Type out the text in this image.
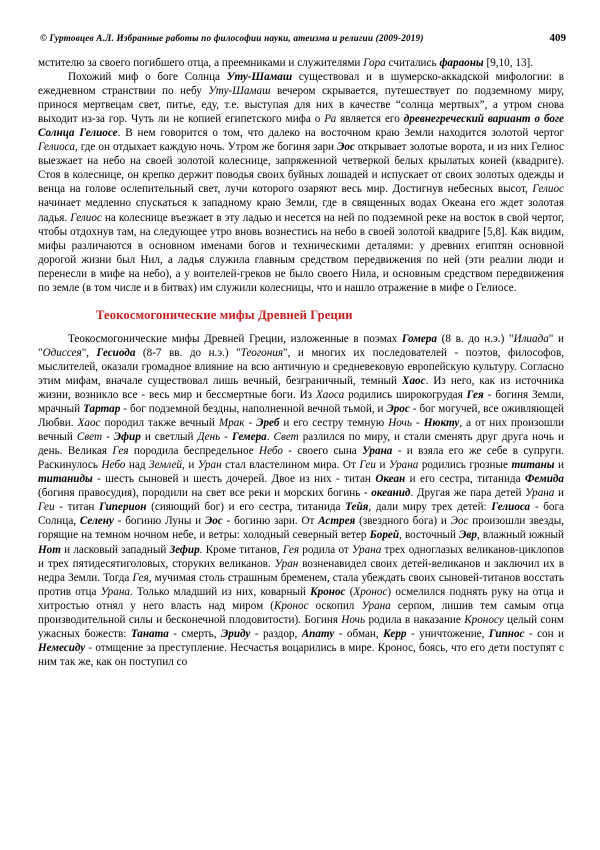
© Гуртовцев А.Л. Избранные работы по философии науки, атеизма и религии (2009-2019)	409

мстителю за своего погибшего отца, а преемниками и служителями Гора считались фараоны [9,10, 13].

Похожий миф о боге Солнца Уту-Шамаш существовал и в шумерско-аккадской мифологии: в ежедневном странствии по небу Уту-Шамаш вечером скрывается, путешествует по подземному миру, принося мертвецам свет, питье, еду, т.е. выступая для них в качестве “солнца мертвых”, а утром снова выходит из-за гор. Чуть ли не копией египетского мифа о Ра является его древнегреческий вариант о боге Солнца Гелиосе. В нем говорится о том, что далеко на восточном краю Земли находится золотой чертог Гелиоса, где он отдыхает каждую ночь. Утром же богиня зари Эос открывает золотые ворота, и из них Гелиос выезжает на небо на своей золотой колеснице, запряженной четверкой белых крылатых коней (квадриге). Стоя в колеснице, он крепко держит поводья своих буйных лошадей и испускает от своих золотых одежды и венца на голове ослепительный свет, лучи которого озаряют весь мир. Достигнув небесных высот, Гелиос начинает медленно спускаться к западному краю Земли, где в священных водах Океана его ждет золотая ладья. Гелиос на колеснице въезжает в эту ладью и несется на ней по подземной реке на восток в свой чертог, чтобы отдохнув там, на следующее утро вновь вознестись на небо в своей золотой квадриге [5,8]. Как видим, мифы различаются в основном именами богов и техническими деталями: у древних египтян основной дорогой жизни был Нил, а ладья служила главным средством передвижения по ней (эти реалии люди и перенесли в мифе на небо), а у воителей-греков не было своего Нила, и основным средством передвижения по земле (в том числе и в битвах) им служили колесницы, что и нашло отражение в мифе о Гелиосе.

Теокосмогонические мифы Древней Греции

Теокосмогонические мифы Древней Греции, изложенные в поэмах Гомера (8 в. до н.э.) "Илиада" и "Одиссея", Гесиода (8-7 вв. до н.э.) "Теогония", и многих их последователей - поэтов, философов, мыслителей, оказали громадное влияние на всю античную и средневековую европейскую культуру. Согласно этим мифам, вначале существовал лишь вечный, безграничный, темный Хаос. Из него, как из источника жизни, возникло все - весь мир и бессмертные боги. Из Хаоса родились широкогрудая Гея - богиня Земли, мрачный Тартар - бог подземной бездны, наполненной вечной тьмой, и Эрос - бог могучей, все оживляющей Любви. Хаос породил также вечный Мрак - Эреб и его сестру темную Ночь - Нюкту, а от них произошли вечный Свет - Эфир и светлый День - Гемера. Свет разлился по миру, и стали сменять друг друга ночь и день. Великая Гея породила беспредельное Небо - своего сына Урана - и взяла его же себе в супруги. Раскинулось Небо над Землей, и Уран стал властелином мира. От Геи и Урана родились грозные титаны и титаниды - шесть сыновей и шесть дочерей. Двое из них - титан Океан и его сестра, титанида Фемида (богиня правосудия), породили на свет все реки и морских богинь - океанид. Другая же пара детей Урана и Геи - титан Гиперион (сияющий бог) и его сестра, титанида Тейя, дали миру трех детей: Гелиоса - бога Солнца, Селену - богиню Луны и Эос - богиню зари. От Астрея (звездного бога) и Эос произошли звезды, горящие на темном ночном небе, и ветры: холодный северный ветер Борей, восточный Эвр, влажный южный Нот и ласковый западный Зефир. Кроме титанов, Гея родила от Урана трех одноглазых великанов-циклопов и трех пятидесятиголовых, сторуких великанов. Уран возненавидел своих детей-великанов и заключил их в недра Земли. Тогда Гея, мучимая столь страшным бременем, стала убеждать своих сыновей-титанов восстать против отца Урана. Только младший из них, коварный Кронос (Хронос) осмелился поднять руку на отца и хитростью отнял у него власть над миром (Кронос оскопил Урана серпом, лишив тем самым отца производительной силы и бесконечной плодовитости). Богиня Ночь родила в наказание Кроносу целый сонм ужасных божеств: Таната - смерть, Эриду - раздор, Апату - обман, Керр - уничтожение, Гипнос - сон и Немесиду - отмщение за преступление. Несчастья воцарились в мире. Кронос, боясь, что его дети поступят с ним так же, как он поступил со
